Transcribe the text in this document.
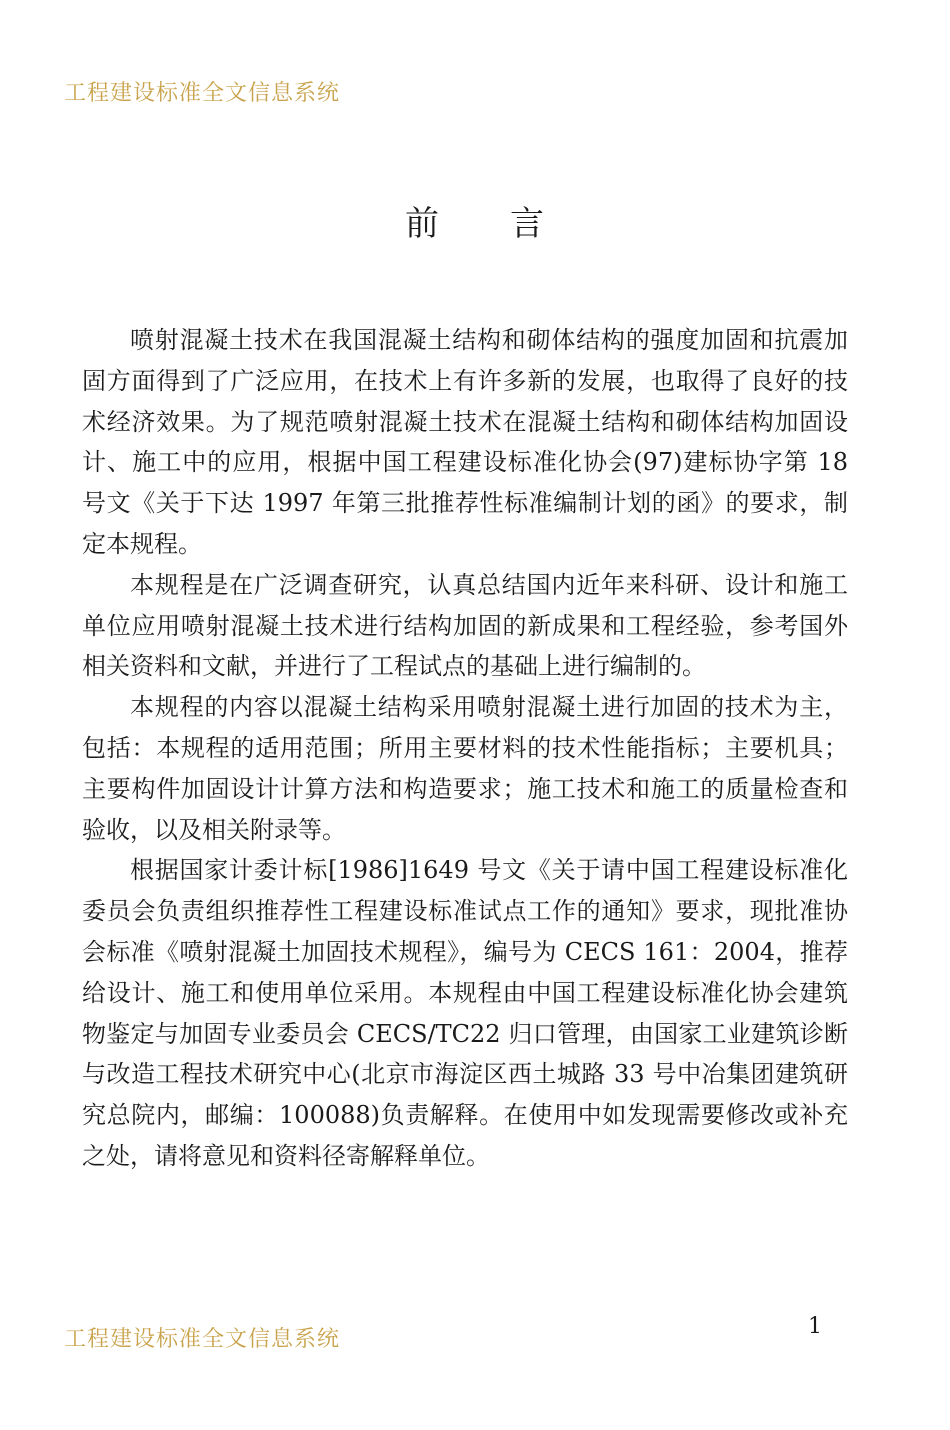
工程建设标准全文信息系统
前　　言

喷射混凝土技术在我国混凝土结构和砌体结构的强度加固和抗震加固方面得到了广泛应用，在技术上有许多新的发展，也取得了良好的技术经济效果。为了规范喷射混凝土技术在混凝土结构和砌体结构加固设计、施工中的应用，根据中国工程建设标准化协会(97)建标协字第 18 号文《关于下达 1997 年第三批推荐性标准编制计划的函》的要求，制定本规程。

本规程是在广泛调查研究，认真总结国内近年来科研、设计和施工单位应用喷射混凝土技术进行结构加固的新成果和工程经验，参考国外相关资料和文献，并进行了工程试点的基础上进行编制的。

本规程的内容以混凝土结构采用喷射混凝土进行加固的技术为主，包括：本规程的适用范围；所用主要材料的技术性能指标；主要机具；主要构件加固设计计算方法和构造要求；施工技术和施工的质量检查和验收，以及相关附录等。

根据国家计委计标[1986]1649 号文《关于请中国工程建设标准化委员会负责组织推荐性工程建设标准试点工作的通知》要求，现批准协会标准《喷射混凝土加固技术规程》，编号为 CECS 161：2004，推荐给设计、施工和使用单位采用。本规程由中国工程建设标准化协会建筑物鉴定与加固专业委员会 CECS/TC22 归口管理，由国家工业建筑诊断与改造工程技术研究中心(北京市海淀区西土城路 33 号中冶集团建筑研究总院内，邮编：100088)负责解释。在使用中如发现需要修改或补充之处，请将意见和资料径寄解释单位。

工程建设标准全文信息系统
1
